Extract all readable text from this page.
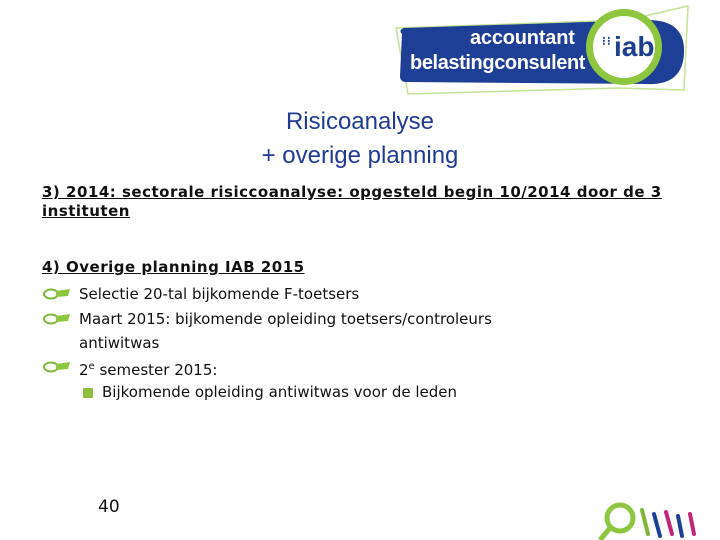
accountant
belastingconsulent
⁝⁝ iab
Risicoanalyse
+ overige planning
3) 2014: sectorale risiccoanalyse: opgesteld begin 10/2014 door de 3 instituten
4) Overige planning IAB 2015
Selectie 20-tal bijkomende F-toetsers
Maart 2015: bijkomende opleiding toetsers/controleurs
antiwitwas
2e semester 2015:
Bijkomende opleiding antiwitwas voor de leden
40
